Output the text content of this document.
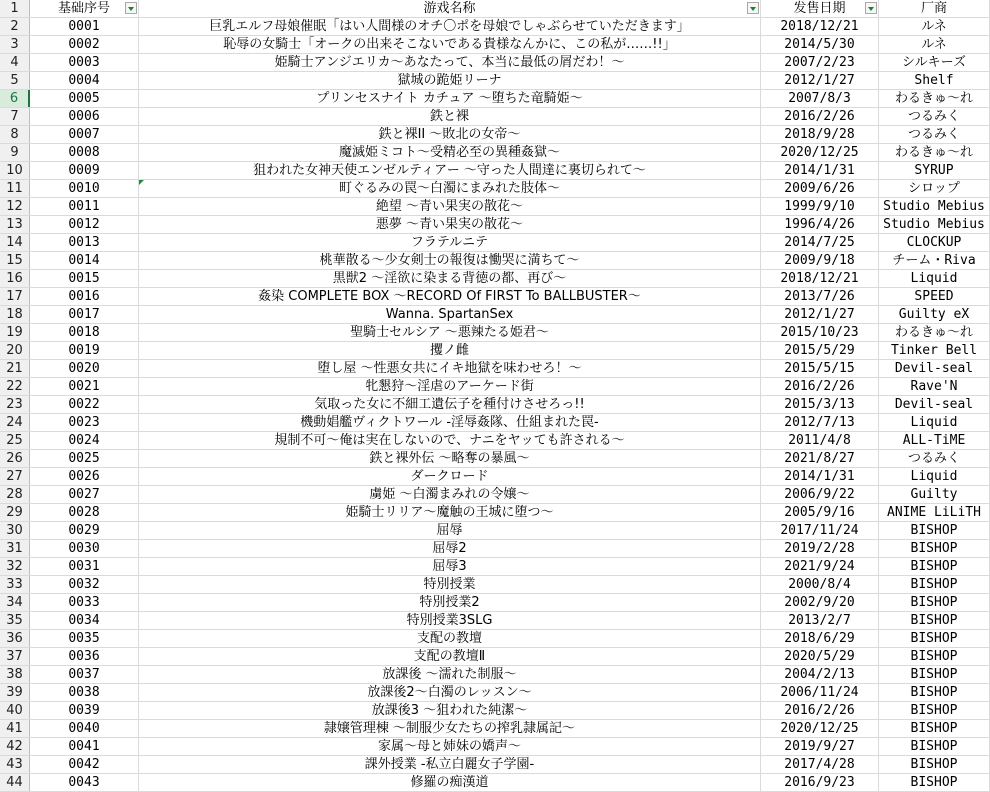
1	基础序号	游戏名称	发售日期	厂商
2	0001	巨乳エルフ母娘催眠「はい人間様のオチ〇ポを母娘でしゃぶらせていただきます」	2018/12/21	ルネ
3	0002	恥辱の女騎士「オークの出来そこないである貴様なんかに、この私が……!!」	2014/5/30	ルネ
4	0003	姫騎士アンジエリカ～あなたって、本当に最低の屑だわ！～	2007/2/23	シルキーズ
5	0004	獄城の跪姫リーナ	2012/1/27	Shelf
6	0005	プリンセスナイト カチュア ～堕ちた竜騎姫～	2007/8/3	わるきゅ～れ
7	0006	鉄と裸	2016/2/26	つるみく
8	0007	鉄と裸II ～敗北の女帝～	2018/9/28	つるみく
9	0008	魔滅姫ミコト～受精必至の異種姦獄～	2020/12/25	わるきゅ～れ
10	0009	狙われた女神天使エンゼルティアー ～守った人間達に裏切られて～	2014/1/31	SYRUP
11	0010	町ぐるみの罠～白濁にまみれた肢体～	2009/6/26	シロップ
12	0011	絶望 ～青い果実の散花～	1999/9/10	Studio Mebius
13	0012	悪夢 ～青い果実の散花～	1996/4/26	Studio Mebius
14	0013	フラテルニテ	2014/7/25	CLOCKUP
15	0014	桃華散る～少女剣士の報復は慟哭に満ちて～	2009/9/18	チーム・Riva
16	0015	黒獣2 ～淫欲に染まる背徳の都、再び～	2018/12/21	Liquid
17	0016	姦染 COMPLETE BOX ～RECORD Of FIRST To BALLBUSTER～	2013/7/26	SPEED
18	0017	Wanna. SpartanSex	2012/1/27	Guilty eX
19	0018	聖騎士セルシア ～悪辣たる姫君～	2015/10/23	わるきゅ～れ
20	0019	攫ノ雌	2015/5/29	Tinker Bell
21	0020	堕し屋 ～性悪女共にイキ地獄を味わせろ！～	2015/5/15	Devil-seal
22	0021	牝懇狩～淫虐のアーケード街	2016/2/26	Rave'N
23	0022	気取った女に不細工遺伝子を種付けさせろっ!!	2015/3/13	Devil-seal
24	0023	機動娼艦ヴィクトワール -淫辱姦隊、仕組まれた罠-	2012/7/13	Liquid
25	0024	規制不可～俺は実在しないので、ナニをヤッても許される～	2011/4/8	ALL-TiME
26	0025	鉄と裸外伝 ～略奪の暴風～	2021/8/27	つるみく
27	0026	ダークロード	2014/1/31	Liquid
28	0027	虜姫 ～白濁まみれの令嬢～	2006/9/22	Guilty
29	0028	姫騎士リリア～魔触の王城に堕つ～	2005/9/16	ANIME LiLiTH
30	0029	屈辱	2017/11/24	BISHOP
31	0030	屈辱2	2019/2/28	BISHOP
32	0031	屈辱3	2021/9/24	BISHOP
33	0032	特別授業	2000/8/4	BISHOP
34	0033	特別授業2	2002/9/20	BISHOP
35	0034	特別授業3SLG	2013/2/7	BISHOP
36	0035	支配の教壇	2018/6/29	BISHOP
37	0036	支配の教壇Ⅱ	2020/5/29	BISHOP
38	0037	放課後 ～濡れた制服～	2004/2/13	BISHOP
39	0038	放課後2～白濁のレッスン～	2006/11/24	BISHOP
40	0039	放課後3 ～狙われた純潔～	2016/2/26	BISHOP
41	0040	隷嬢管理棟 ～制服少女たちの搾乳隷属記～	2020/12/25	BISHOP
42	0041	家属～母と姉妹の嬌声～	2019/9/27	BISHOP
43	0042	課外授業 -私立白麗女子学園-	2017/4/28	BISHOP
44	0043	修羅の痴漢道	2016/9/23	BISHOP
